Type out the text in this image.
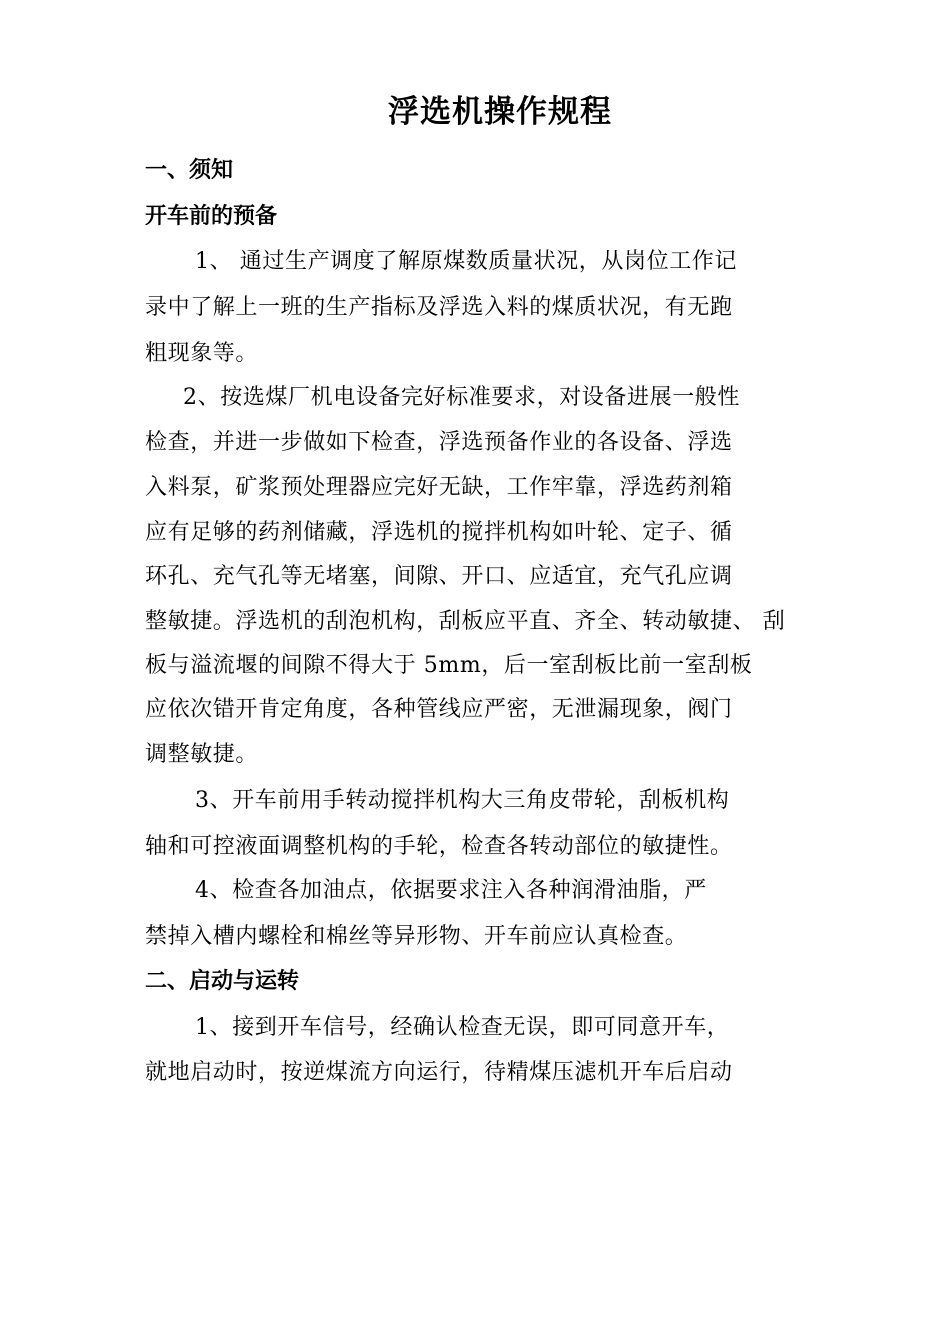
浮选机操作规程
一、须知
开车前的预备
1、 通过生产调度了解原煤数质量状况，从岗位工作记
录中了解上一班的生产指标及浮选入料的煤质状况，有无跑
粗现象等。
2、按选煤厂机电设备完好标准要求，对设备进展一般性
检查，并进一步做如下检查，浮选预备作业的各设备、浮选
入料泵，矿浆预处理器应完好无缺，工作牢靠，浮选药剂箱
应有足够的药剂储藏，浮选机的搅拌机构如叶轮、定子、循
环孔、充气孔等无堵塞，间隙、开口、应适宜，充气孔应调
整敏捷。浮选机的刮泡机构，刮板应平直、齐全、转动敏捷、 刮
板与溢流堰的间隙不得大于 5mm，后一室刮板比前一室刮板
应依次错开肯定角度，各种管线应严密，无泄漏现象，阀门
调整敏捷。
3、开车前用手转动搅拌机构大三角皮带轮，刮板机构
轴和可控液面调整机构的手轮，检查各转动部位的敏捷性。
4、检查各加油点，依据要求注入各种润滑油脂，严
禁掉入槽内螺栓和棉丝等异形物、开车前应认真检查。
二、启动与运转
1、接到开车信号，经确认检查无误，即可同意开车，
就地启动时，按逆煤流方向运行，待精煤压滤机开车后启动
